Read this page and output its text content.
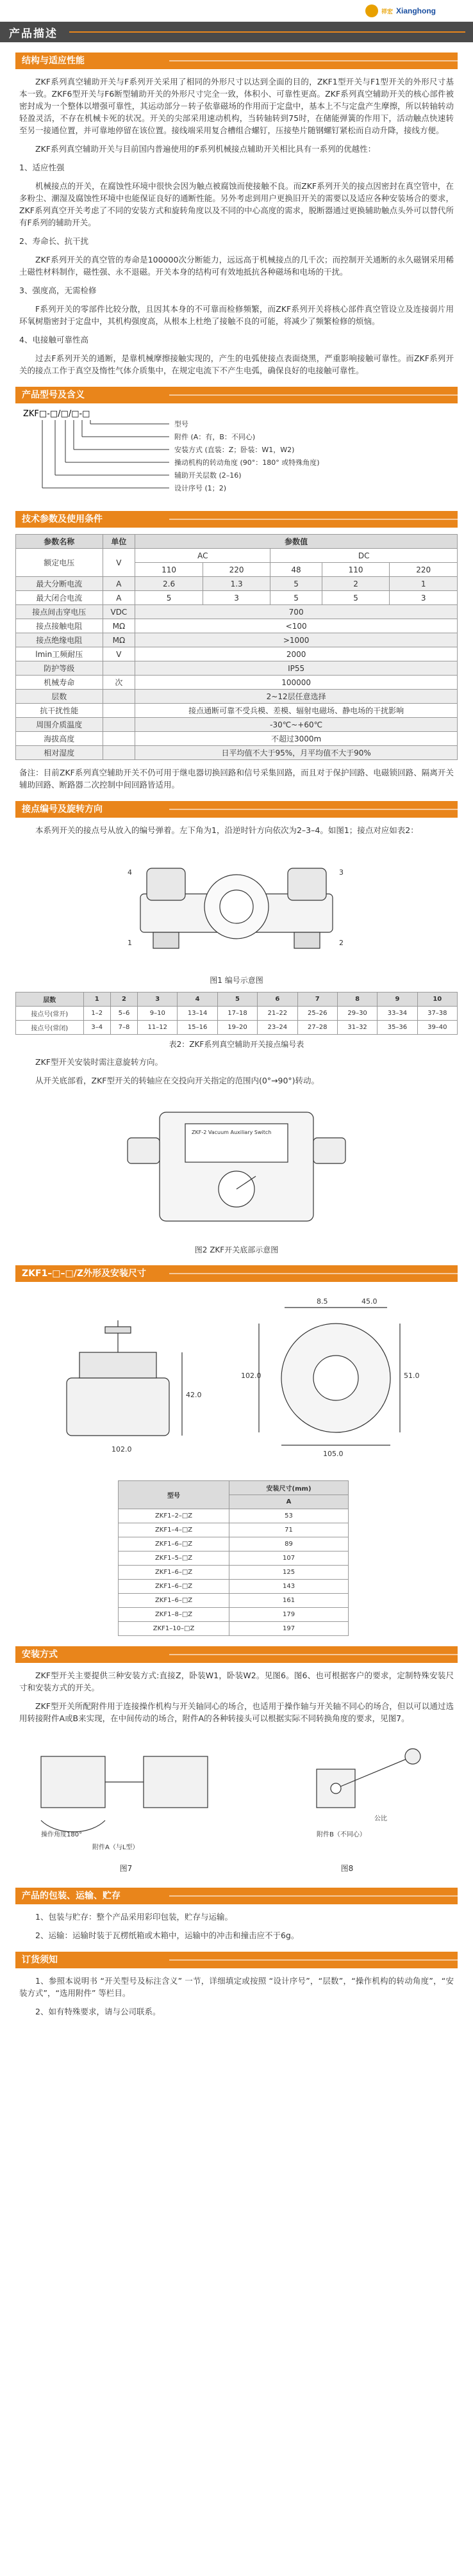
祥宏 Xianghong
产品描述
结构与适应性能

ZKF系列真空辅助开关与F系列开关采用了相同的外形尺寸以达到全面的目的，ZKF1型开关与F1型开关的外形尺寸基本一致。ZKF6型开关与F6断型辅助开关的外形尺寸完全一致，体积小、可靠性更高。ZKF系列真空辅助开关的核心部件被密封成为一个整体以增强可靠性，其运动部分－转子依靠磁场的作用而于定盘中，基本上不与定盘产生摩擦，所以转轴转动轻盈灵活，不存在机械卡死的状况。开关的尖部采用速动机构，当转轴转到75时，在储能弹簧的作用下，活动触点快速转至另一接通位置，并可靠地停留在该位置。接线端采用复合槽组合螺钉，压接垫片随钢螺钉紧松而自动升降，接线方便。

ZKF系列真空辅助开关与目前国内普遍使用的F系列机械接点辅助开关相比具有一系列的优越性：

1、适应性强

机械接点的开关，在腐蚀性环境中很快会因为触点被腐蚀而使接触不良。而ZKF系列开关的接点因密封在真空管中，在多粉尘、潮湿及腐蚀性环境中也能保证良好的通断性能。另外考虑到用户更换旧开关的需要以及适应各种安装场合的要求，ZKF系列真空开关考虑了不同的安装方式和旋转角度以及不同的中心高度的需求，脱断器通过更换辅助触点头外可以替代所有F系列的辅助开关。

2、寿命长、抗干扰

ZKF系列开关的真空管的寿命是100000次分断能力，远远高于机械接点的几千次；而控制开关通断的永久磁钢采用稀土磁性材料制作，磁性强、永不退磁。开关本身的结构可有效地抵抗各种磁场和电场的干扰。

3、强度高，无需检修

F系列开关的零部件比较分散，且因其本身的不可靠而检修频繁，而ZKF系列开关将核心部件真空管设立及连接弱片用环氧树脂密封于定盘中，其机构强度高，从根本上杜绝了接触不良的可能，将减少了频繁检修的烦恼。

4、电接触可靠性高

过去F系列开关的通断，是靠机械摩擦接触实现的，产生的电弧使接点表面烧黑，严重影响接触可靠性。而ZKF系列开关的接点工作于真空及惰性气体介质集中，在规定电流下不产生电弧，确保良好的电接触可靠性。

产品型号及含义
ZKF□-□/□/□-□
型号
附件 (A：有，B：不同心)
安装方式 (直装：Z；卧装：W1，W2)
操动机构的转动角度 (90°：180° 或特殊角度)
辅助开关层数 (2–16)
设计序号 (1；2)
技术参数及使用条件
参数名称	单位	参数值				
额定电压	V	AC		DC		
		110	220	48	110	220
最大分断电流	A	2.6	1.3	5	2	1
最大闭合电流	A	5	3	5	5	3
接点间击穿电压	VDC	700				
接点接触电阻	MΩ	<100				
接点绝缘电阻	MΩ	>1000				
lmin工频耐压	V	2000				
防护等级		IP55				
机械寿命	次	100000				
层数		2~12层任意选择				
抗干扰性能		接点通断可靠不受兵模、差模、辐射电磁场、静电场的干扰影响				
周围介质温度		-30℃~+60℃				
海拔高度		不超过3000m				
相对湿度		日平均值不大于95%，月平均值不大于90%				

备注：目前ZKF系列真空辅助开关不仍可用于继电器切换回路和信号采集回路，而且对于保护回路、电磁锁回路、隔离开关辅助回路、断路器二次控制中间回路皆适用。

接点编号及旋转方向

本系列开关的接点号从放入的编号弹着。左下角为1，沿逆时针方向依次为2–3–4。如图1；接点对应如表2：

4	3
1	2
图1 编号示意图
层数	1	2	3	4	5	6	7	8	9	10
接点号(常开)	1–2	5–6	9–10	13–14	17–18	21–22	25–26	29–30	33–34	37–38
接点号(常闭)	3–4	7–8	11–12	15–16	19–20	23–24	27–28	31–32	35–36	39–40
表2：ZKF系列真空辅助开关接点编号表

ZKF型开关安装时需注意旋转方向。

从开关底部看，ZKF型开关的转轴应在交投向开关指定的范围内(0°→90°)转动。

ZKF-2 Vacuum Auxiliary Switch
图2 ZKF开关底部示意图
ZKF1–□–□/Z外形及安装尺寸
42.0
102.0
8.5	45.0
51.0
102.0
105.0
型号	安装尺寸(mm)
	A
ZKF1–2–□Z	53
ZKF1–4–□Z	71
ZKF1–6–□Z	89
ZKF1–5–□Z	107
ZKF1–6–□Z	125
ZKF1–6–□Z	143
ZKF1–6–□Z	161
ZKF1–8–□Z	179
ZKF1–10–□Z	197
安装方式

ZKF型开关主要提供三种安装方式:直接Z，卧装W1，卧装W2。见图6。图6、也可根据客户的要求，定制特殊安装尺寸和安装方式的开关。

ZKF型开关所配附件用于连接操作机构与开关轴同心的场合，也适用于操作轴与开关轴不同心的场合，但以可以通过选用转接附件A或B来实现，在中间传动的场合，附件A的各种转接头可以根据实际不同转换角度的要求，见图7。

操作角度180°
附件A（与L型）
公比
附件B（不同心）
图7	图8
产品的包装、运输、贮存

1、包装与贮存：整个产品采用彩印包装，贮存与运输。

2、运输：运输时装于瓦楞纸箱或木箱中，运输中的冲击和撞击应不于6g。

订货须知

1、参照本说明书 “开关型号及标注含义” 一节，详细填定或按照 “设计序号”，“层数”，“操作机构的转动角度”，“安装方式”，“选用附件” 等栏目。

2、如有特殊要求，请与公司联系。
